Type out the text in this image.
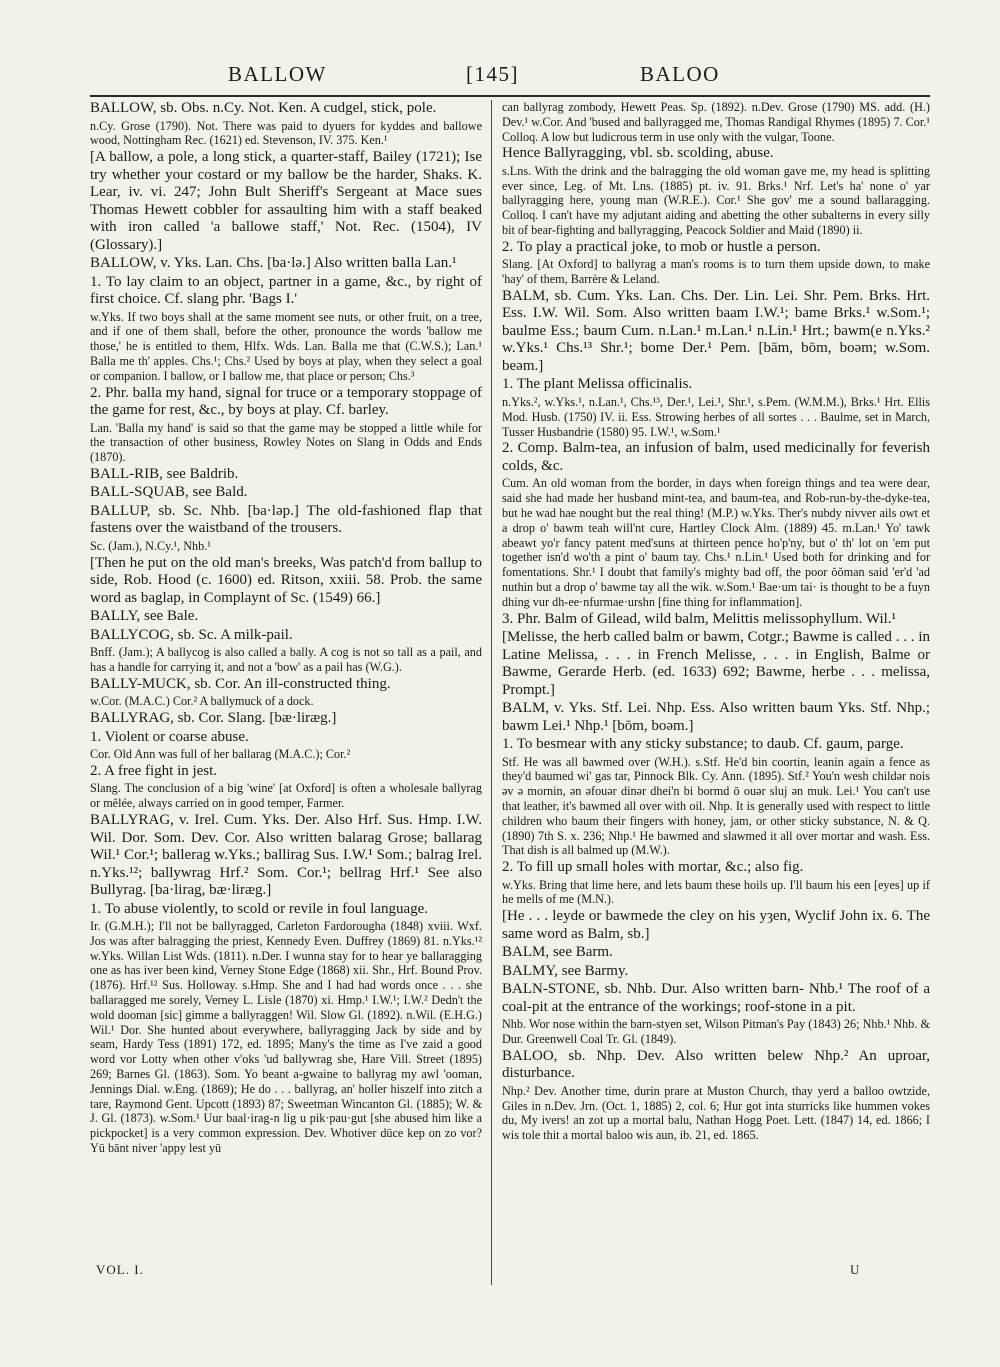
BALLOW	[145]	BALOO

BALLOW, sb. Obs. n.Cy. Not. Ken. A cudgel, stick, pole.

n.Cy. Grose (1790). Not. There was paid to dyuers for kyddes and ballowe wood, Nottingham Rec. (1621) ed. Stevenson, IV. 375. Ken.¹

[A ballow, a pole, a long stick, a quarter-staff, Bailey (1721); Ise try whether your costard or my ballow be the harder, Shaks. K. Lear, iv. vi. 247; John Bult Sheriff's Sergeant at Mace sues Thomas Hewett cobbler for assaulting him with a staff beaked with iron called 'a ballowe staff,' Not. Rec. (1504), IV (Glossary).]

BALLOW, v. Yks. Lan. Chs. [ba·lə.] Also written balla Lan.¹

1. To lay claim to an object, partner in a game, &c., by right of first choice. Cf. slang phr. 'Bags I.'

w.Yks. If two boys shall at the same moment see nuts, or other fruit, on a tree, and if one of them shall, before the other, pronounce the words 'ballow me those,' he is entitled to them, Hlfx. Wds. Lan. Balla me that (C.W.S.); Lan.¹ Balla me th' apples. Chs.¹; Chs.² Used by boys at play, when they select a goal or companion. I ballow, or I ballow me, that place or person; Chs.³

2. Phr. balla my hand, signal for truce or a temporary stoppage of the game for rest, &c., by boys at play. Cf. barley.

Lan. 'Balla my hand' is said so that the game may be stopped a little while for the transaction of other business, Rowley Notes on Slang in Odds and Ends (1870).

BALL-RIB, see Baldrib.

BALL-SQUAB, see Bald.

BALLUP, sb. Sc. Nhb. [ba·ləp.] The old-fashioned flap that fastens over the waistband of the trousers.

Sc. (Jam.), N.Cy.¹, Nhb.¹

[Then he put on the old man's breeks, Was patch'd from ballup to side, Rob. Hood (c. 1600) ed. Ritson, xxiii. 58. Prob. the same word as baglap, in Complaynt of Sc. (1549) 66.]

BALLY, see Bale.

BALLYCOG, sb. Sc. A milk-pail.

Bnff. (Jam.); A ballycog is also called a bally. A cog is not so tall as a pail, and has a handle for carrying it, and not a 'bow' as a pail has (W.G.).

BALLY-MUCK, sb. Cor. An ill-constructed thing.

w.Cor. (M.A.C.) Cor.² A ballymuck of a dock.

BALLYRAG, sb. Cor. Slang. [bæ·liræg.]

1. Violent or coarse abuse.

Cor. Old Ann was full of her ballarag (M.A.C.); Cor.²

2. A free fight in jest.

Slang. The conclusion of a big 'wine' [at Oxford] is often a wholesale ballyrag or mêlée, always carried on in good temper, Farmer.

BALLYRAG, v. Irel. Cum. Yks. Der. Also Hrf. Sus. Hmp. I.W. Wil. Dor. Som. Dev. Cor. Also written balarag Grose; ballarag Wil.¹ Cor.¹; ballerag w.Yks.; ballirag Sus. I.W.¹ Som.; balrag Irel. n.Yks.¹²; ballywrag Hrf.² Som. Cor.¹; bellrag Hrf.¹ See also Bullyrag. [ba·lirag, bæ·liræg.]

1. To abuse violently, to scold or revile in foul language.

Ir. (G.M.H.); I'll not be ballyragged, Carleton Fardorougha (1848) xviii. Wxf. Jos was after balragging the priest, Kennedy Even. Duffrey (1869) 81. n.Yks.¹² w.Yks. Willan List Wds. (1811). n.Der. I wunna stay for to hear ye ballaragging one as has iver been kind, Verney Stone Edge (1868) xii. Shr., Hrf. Bound Prov. (1876). Hrf.¹² Sus. Holloway. s.Hmp. She and I had had words once . . . she ballaragged me sorely, Verney L. Lisle (1870) xi. Hmp.¹ I.W.¹; I.W.² Dedn't the wold dooman [sic] gimme a ballyraggen! Wil. Slow Gl. (1892). n.Wil. (E.H.G.) Wil.¹ Dor. She hunted about everywhere, ballyragging Jack by side and by seam, Hardy Tess (1891) 172, ed. 1895; Many's the time as I've zaid a good word vor Lotty when other v'oks 'ud ballywrag she, Hare Vill. Street (1895) 269; Barnes Gl. (1863). Som. Yo beant a-gwaine to ballyrag my awl 'ooman, Jennings Dial. w.Eng. (1869); He do . . . ballyrag, an' holler hiszelf into zitch a tare, Raymond Gent. Upcott (1893) 87; Sweetman Wincanton Gl. (1885); W. & J. Gl. (1873). w.Som.¹ Uur baal·irag-n lig u pik·pau·gut [she abused him like a pickpocket] is a very common expression. Dev. Whotiver dūce kep on zo vor? Yū bānt niver 'appy lest yū

can ballyrag zombody, Hewett Peas. Sp. (1892). n.Dev. Grose (1790) MS. add. (H.) Dev.¹ w.Cor. And 'bused and ballyragged me, Thomas Randigal Rhymes (1895) 7. Cor.¹ Colloq. A low but ludicrous term in use only with the vulgar, Toone.

Hence Ballyragging, vbl. sb. scolding, abuse.

s.Lns. With the drink and the balragging the old woman gave me, my head is splitting ever since, Leg. of Mt. Lns. (1885) pt. iv. 91. Brks.¹ Nrf. Let's ha' none o' yar ballyragging here, young man (W.R.E.). Cor.¹ She gov' me a sound ballaragging. Colloq. I can't have my adjutant aiding and abetting the other subalterns in every silly bit of bear-fighting and ballyragging, Peacock Soldier and Maid (1890) ii.

2. To play a practical joke, to mob or hustle a person.

Slang. [At Oxford] to ballyrag a man's rooms is to turn them upside down, to make 'hay' of them, Barrère & Leland.

BALM, sb. Cum. Yks. Lan. Chs. Der. Lin. Lei. Shr. Pem. Brks. Hrt. Ess. I.W. Wil. Som. Also written baam I.W.¹; bame Brks.¹ w.Som.¹; baulme Ess.; baum Cum. n.Lan.¹ m.Lan.¹ n.Lin.¹ Hrt.; bawm(e n.Yks.² w.Yks.¹ Chs.¹³ Shr.¹; bome Der.¹ Pem. [bām, bōm, boəm; w.Som. beəm.]

1. The plant Melissa officinalis.

n.Yks.², w.Yks.¹, n.Lan.¹, Chs.¹³, Der.¹, Lei.¹, Shr.¹, s.Pem. (W.M.M.), Brks.¹ Hrt. Ellis Mod. Husb. (1750) IV. ii. Ess. Strowing herbes of all sortes . . . Baulme, set in March, Tusser Husbandrie (1580) 95. I.W.¹, w.Som.¹

2. Comp. Balm-tea, an infusion of balm, used medicinally for feverish colds, &c.

Cum. An old woman from the border, in days when foreign things and tea were dear, said she had made her husband mint-tea, and baum-tea, and Rob-run-by-the-dyke-tea, but he wad hae nought but the real thing! (M.P.) w.Yks. Ther's nubdy nivver ails owt et a drop o' bawm teah will'nt cure, Hartley Clock Alm. (1889) 45. m.Lan.¹ Yo' tawk abeawt yo'r fancy patent med'suns at thirteen pence ho'p'ny, but o' th' lot on 'em put together isn'd wo'th a pint o' baum tay. Chs.¹ n.Lin.¹ Used both for drinking and for fomentations. Shr.¹ I doubt that family's mighty bad off, the poor ŏŏman said 'er'd 'ad nuthin but a drop o' bawme tay all the wik. w.Som.¹ Bae·um tai· is thought to be a fuyn dhing vur dh-ee·nfurmae·urshn [fine thing for inflammation].

3. Phr. Balm of Gilead, wild balm, Melittis melissophyllum. Wil.¹

[Melisse, the herb called balm or bawm, Cotgr.; Bawme is called . . . in Latine Melissa, . . . in French Melisse, . . . in English, Balme or Bawme, Gerarde Herb. (ed. 1633) 692; Bawme, herbe . . . melissa, Prompt.]

BALM, v. Yks. Stf. Lei. Nhp. Ess. Also written baum Yks. Stf. Nhp.; bawm Lei.¹ Nhp.¹ [bōm, boəm.]

1. To besmear with any sticky substance; to daub. Cf. gaum, parge.

Stf. He was all bawmed over (W.H.). s.Stf. He'd bin coortin, leanin again a fence as they'd baumed wi' gas tar, Pinnock Blk. Cy. Ann. (1895). Stf.² You'n wesh childər nois əv ə mornin, ən əfouər dinər dhei'n bi bormd ō ouər sluj ən muk. Lei.¹ You can't use that leather, it's bawmed all over with oil. Nhp. It is generally used with respect to little children who baum their fingers with honey, jam, or other sticky substance, N. & Q. (1890) 7th S. x. 236; Nhp.¹ He bawmed and slawmed it all over mortar and wash. Ess. That dish is all balmed up (M.W.).

2. To fill up small holes with mortar, &c.; also fig.

w.Yks. Bring that lime here, and lets baum these hoils up. I'll baum his een [eyes] up if he mells of me (M.N.).

[He . . . leyde or bawmede the cley on his yȝen, Wyclif John ix. 6. The same word as Balm, sb.]

BALM, see Barm.

BALMY, see Barmy.

BALN-STONE, sb. Nhb. Dur. Also written barn- Nhb.¹ The roof of a coal-pit at the entrance of the workings; roof-stone in a pit.

Nhb. Wor nose within the barn-styen set, Wilson Pitman's Pay (1843) 26; Nhb.¹ Nhb. & Dur. Greenwell Coal Tr. Gl. (1849).

BALOO, sb. Nhp. Dev. Also written belew Nhp.² An uproar, disturbance.

Nhp.² Dev. Another time, durin prare at Muston Church, thay yerd a balloo owtzide, Giles in n.Dev. Jrn. (Oct. 1, 1885) 2, col. 6; Hur got inta sturricks like hummen vokes du, My ivers! an zot up a mortal balu, Nathan Hogg Poet. Lett. (1847) 14, ed. 1866; I wis tole thit a mortal baloo wis aun, ib. 21, ed. 1865.

VOL. I.	U
